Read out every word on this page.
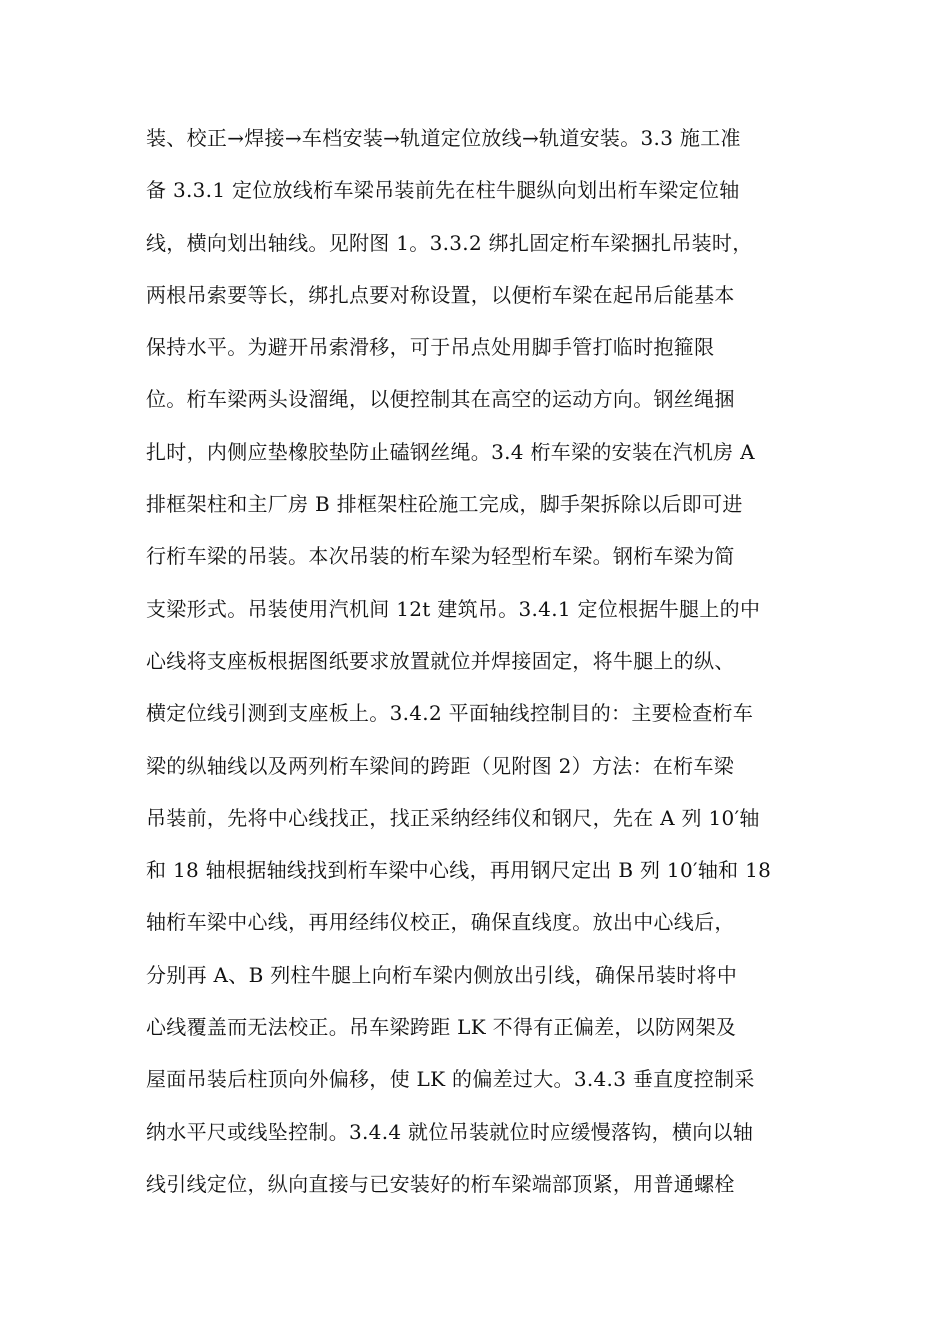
装、校正→焊接→车档安装→轨道定位放线→轨道安装。3.3 施工准
备 3.3.1 定位放线桁车梁吊装前先在柱牛腿纵向划出桁车梁定位轴
线，横向划出轴线。见附图 1。3.3.2 绑扎固定桁车梁捆扎吊装时，
两根吊索要等长，绑扎点要对称设置，以便桁车梁在起吊后能基本
保持水平。为避开吊索滑移，可于吊点处用脚手管打临时抱箍限
位。桁车梁两头设溜绳，以便控制其在高空的运动方向。钢丝绳捆
扎时，内侧应垫橡胶垫防止磕钢丝绳。3.4 桁车梁的安装在汽机房 A
排框架柱和主厂房 B 排框架柱砼施工完成，脚手架拆除以后即可进
行桁车梁的吊装。本次吊装的桁车梁为轻型桁车梁。钢桁车梁为简
支梁形式。吊装使用汽机间 12t 建筑吊。3.4.1 定位根据牛腿上的中
心线将支座板根据图纸要求放置就位并焊接固定，将牛腿上的纵、
横定位线引测到支座板上。3.4.2 平面轴线控制目的：主要检查桁车
梁的纵轴线以及两列桁车梁间的跨距（见附图 2）方法：在桁车梁
吊装前，先将中心线找正，找正采纳经纬仪和钢尺，先在 A 列 10′轴
和 18 轴根据轴线找到桁车梁中心线，再用钢尺定出 B 列 10′轴和 18
轴桁车梁中心线，再用经纬仪校正，确保直线度。放出中心线后，
分别再 A、B 列柱牛腿上向桁车梁内侧放出引线，确保吊装时将中
心线覆盖而无法校正。吊车梁跨距 LK 不得有正偏差，以防网架及
屋面吊装后柱顶向外偏移，使 LK 的偏差过大。3.4.3 垂直度控制采
纳水平尺或线坠控制。3.4.4 就位吊装就位时应缓慢落钩，横向以轴
线引线定位，纵向直接与已安装好的桁车梁端部顶紧，用普通螺栓
